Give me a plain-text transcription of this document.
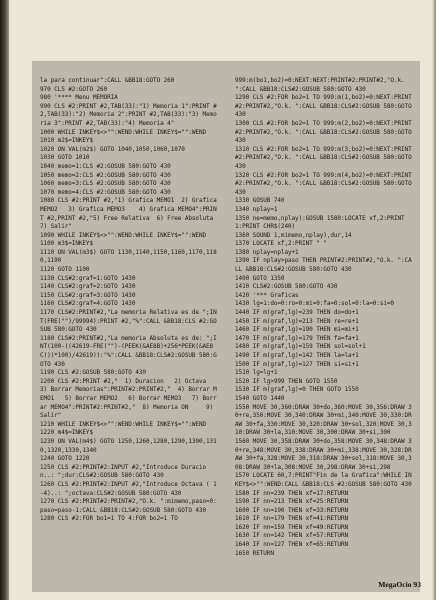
la para continuar":CALL &BB18:GOTO 260
970 CLS #2:GOTO 260
980 '**** Menu MEMORIA
990 CLS #2:PRINT #2,TAB(33):"1) Memoria 1":PRINT #2,TAB(33):"2) Memoria 2":PRINT #2,TAB(33):"3) Memoria 3":PRINT #2,TAB(33):"4) Memoria 4"
1000 WHILE INKEY$<>"":WEND:WHILE INKEY$="":WEND
1010 m2$=INKEY$
1020 ON VAL(m2$) GOTO 1040,1050,1060,1070
1030 GOTO 1010
1040 memo=1:CLS #2:GOSUB 580:GOTO 430
1050 memo=2:CLS #2:GOSUB 580:GOTO 430
1060 memo=3:CLS #2:GOSUB 580:GOTO 430
1070 memo=4:CLS #2:GOSUB 580:GOTO 430
1080 CLS #2:PRINT #2,"1) Grafica MEMO1  2) Grafica MEMO2   3) Grafica MEMO3    4) Grafica MEMO4":PRINT #2,PRINT #2,"5) Free Relativa  6) Free Absoluta  7) Salir"
1090 WHILE INKEY$<>"":WEND:WHILE INKEY$="":WEND
1100 m3$=INKEY$
1110 ON VAL(m3$) GOTO 1130,1140,1150,1160,1170,1180,1190
1120 GOTO 1100
1130 CLS#2:graf=1:GOTO 1430
1140 CLS#2:graf=2:GOTO 1430
1150 CLS#2:graf=3:GOTO 1430
1160 CLS#2:graf=4:GOTO 1430
1170 CLS#2:PRINT#2,"La memoria Relativa es de ";INT(FRE("")/99994):PRINT #2,"%":CALL &BB18:CLS #2:GOSUB 580:GOTO 430
1180 CLS#2:PRINT#2,"La memoria Absoluta es de: ";INT(100-((42619-FRE("")-(PEEK(&AE8B)+256*PEEK(&AE8C)))*100)/42619)):"%":CALL &BB18:CLS#2:GOSUB 580:GOTO 430
1190 CLS #2:GOSUB 580:GOTO 430
1200 CLS #2:PRINT #2,"  1) Duracion   2) Octava          3) Borrar Memorias":PRINT#2:PRINT#2,"  4) Borrar MEMO1   5) Borrar MEMO2   6) Borrar MEMO3   7) Borrar MEMO4":PRINT#2:PRINT#2,"  8) Memoria ON     9) Salir"
1210 WHILE INKEY$<>"":WEND:WHILE INKEY$="":WEND
1220 m4$=INKEY$
1230 ON VAL(m4$) GOTO 1250,1260,1280,1290,1300,1310,1320,1330,1340
1240 GOTO 1220
1250 CLS #2:PRINT#2:INPUT #2,"Introduce Duracion..: ";dur:CLS#2:GOSUB 580:GOTO 430
1260 CLS #2:PRINT#2:INPUT #2,"Introduce Octava ( 1-4)..: ";octava:CLS#2:GOSUB 580:GOTO 430
1270 CLS #2:PRINT#2:PRINT#2,"O.k. ":mimemo,paso=0:paso=paso-1:CALL &BB18:CLS#2:GOSUB 580:GOTO 430
1280 CLS #2:FOR bo1=1 TO 4:FOR bo2=1 TO
999:m(bo1,bo2)=0:NEXT:NEXT:PRINT#2:PRINT#2,"O.k. ":CALL &BB18:CLS#2:GOSUB 580:GOTO 430
1290 CLS #2:FOR bo2=1 TO 999:m(1,bo2)=0:NEXT:PRINT#2:PRINT#2,"O.k. ":CALL &BB18:CLS#2:GOSUB 580:GOTO 430
1300 CLS #2:FOR bo2=1 TO 999:m(2,bo2)=0:NEXT:PRINT#2:PRINT#2,"O.k. ":CALL &BB18:CLS#2:GOSUB 580:GOTO 430
1310 CLS #2:FOR bo2=1 TO 999:m(3,bo2)=0:NEXT:PRINT#2:PRINT#2,"O.k. ":CALL &BB18:CLS#2:GOSUB 580:GOTO 430
1320 CLS #2:FOR bo2=1 TO 999:m(4,bo2)=0:NEXT:PRINT#2:PRINT#2,"O.k. ":CALL &BB18:CLS#2:GOSUB 580:GOTO 430
1330 GOSUB 740
1340 nplay=1
1350 ne=memo,nplay):GOSUB 1580:LOCATE xf,2:PRINT 1:PRINT CHR$(240)
1360 SOUND 1,mimemo,nplay),dur,14
1370 LOCATE xf,2:PRINT " "
1380 nplay=nplay+1
1390 IF nplay>paso THEN PRINT#2:PRINT#2,"O.k. ":CALL &BB18:CLS#2:GOSUB 580:GOTO 430
1400 GOTO 1350
1410 CLS#2:GOSUB 580:GOTO 430
1420 '*** Graficas
1430 lg=1:do=0:ro=0:mi=0:fa=0:sol=0:la=0:si=0
1440 IF m(graf,lg)=239 THEN do=do+1
1450 IF m(graf,lg)=213 THEN re=re+1
1460 IF m(graf,lg)=190 THEN mi=mi+1
1470 IF m(graf,lg)=179 THEN fa=fa+1
1480 IF m(graf,lg)=159 THEN sol=sol+1
1490 IF m(graf,lg)=142 THEN la=la+1
1500 IF m(graf,lg)=127 THEN si=si+1
1510 lg=lg+1
1520 IF lg>999 THEN GOTO 1550
1530 IF m(graf,lg)=0 THEN GOTO 1550
1540 GOTO 1440
1550 MOVE 30,360:DRAW 30+do,360:MOVE 30,356:DRAW 30+re,350:MOVE 30,340:DRAW 30+mi,340:MOVE 30,330:DRAW 30+fa,330:MOVE 30,320:DRAW 30+sol,320:MOVE 30,310:DRAW 30+la,310:MOVE 30,300:DRAW 30+si,300
1560 MOVE 30,358:DRAW 30+do,358:MOVE 30,348:DRAW 30+re,348:MOVE 30,338:DRAW 30+mi,338:MOVE 30,328:DRAW 30+fa,328:MOVE 30,318:DRAW 30+sol,318:MOVE 30,308:DRAW 30+la,308:MOVE 30,298:DRAW 30+si,298
1570 LOCATE 60,7:PRINT"Fin de la Grafica":WHILE INKEY$<>"":WEND:CALL &BB18:CLS #2:GOSUB 580:GOTO 430
1580 IF nn=239 THEN xf=17:RETURN
1590 IF nn=213 THEN xf=25:RETURN
1600 IF nn=190 THEN xf=33:RETURN
1610 IF nn=179 THEN xf=41:RETURN
1620 IF nn=159 THEN xf=49:RETURN
1630 IF nn=142 THEN xf=57:RETURN
1640 IF nn=127 THEN xf=65:RETURN
1650 RETURN
MegaOcio 93
